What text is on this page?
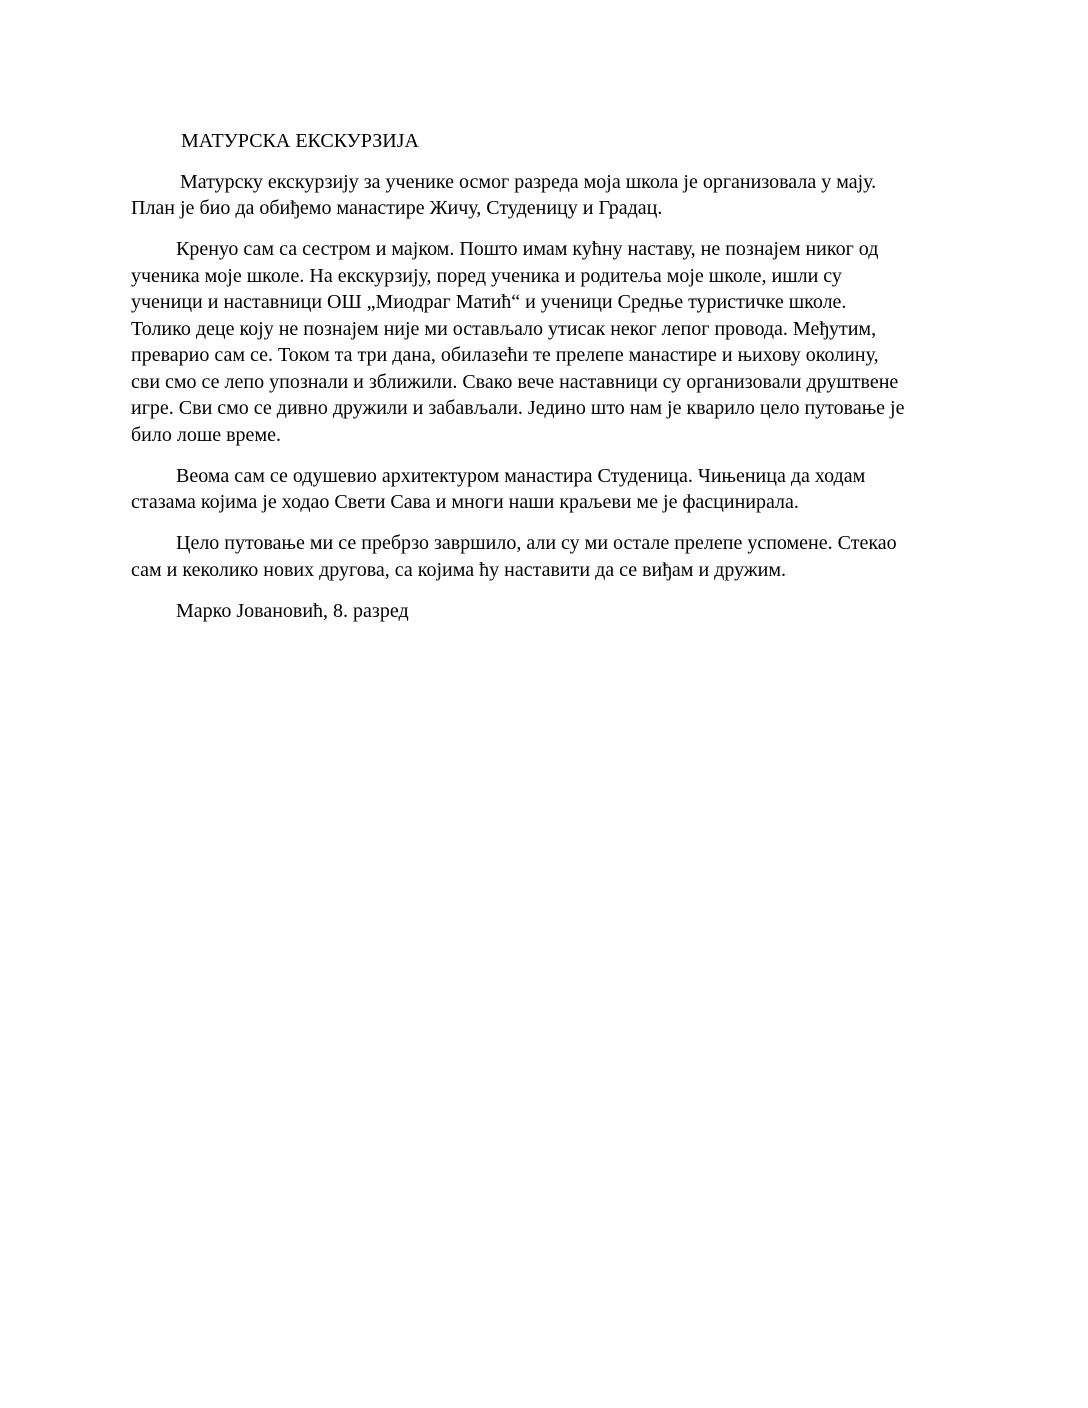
МАТУРСКА ЕКСКУРЗИЈА
Матурску екскурзију за ученике осмог разреда моја школа је организовала у мају.
План је био да обиђемо манастире Жичу, Студеницу и Градац.
Кренуо сам са сестром и мајком. Пошто имам кућну наставу, не познајем никог од
ученика моје школе. На екскурзију, поред ученика и родитеља моје школе, ишли су
ученици и наставници ОШ „Миодраг Матић“ и ученици Средње туристичке школе.
Толико деце коју не познајем није ми остављало утисак неког лепог провода. Међутим,
преварио сам се. Током та три дана, обилазећи те прелепе манастире и њихову околину,
сви смо се лепо упознали и зближили. Свако вече наставници су организовали друштвене
игре. Сви смо се дивно дружили и забављали. Једино што нам је кварило цело путовање је
било лоше време.
Веома сам се одушевио архитектуром манастира Студеница. Чињеница да ходам
стазама којима је ходао Свети Сава и многи наши краљеви ме је фасцинирала.
Цело путовање ми се пребрзо завршило, али су ми остале прелепе успомене. Стекао
сам и кеколико нових другова, са којима ћу наставити да се виђам и дружим.
Марко Јовановић, 8. разред
